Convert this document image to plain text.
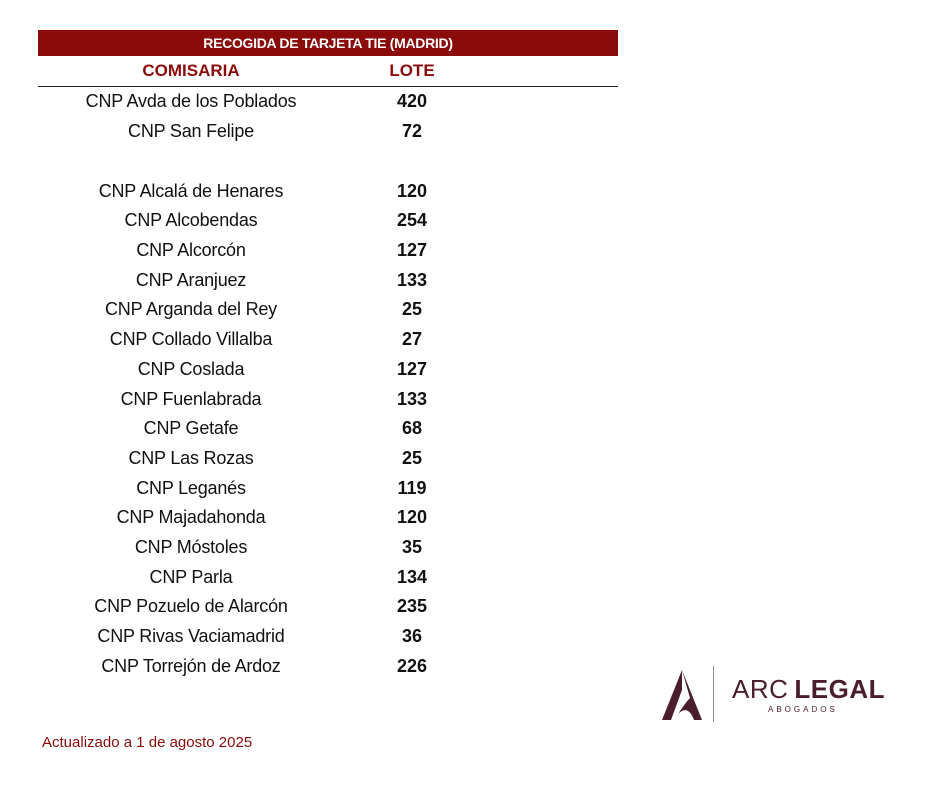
RECOGIDA DE TARJETA TIE (MADRID)
COMISARIA	LOTE
CNP Avda de los Poblados	420
CNP San Felipe	72
CNP Alcalá de Henares	120
CNP Alcobendas	254
CNP Alcorcón	127
CNP Aranjuez	133
CNP Arganda del Rey	25
CNP Collado Villalba	27
CNP Coslada	127
CNP Fuenlabrada	133
CNP Getafe	68
CNP Las Rozas	25
CNP Leganés	119
CNP Majadahonda	120
CNP Móstoles	35
CNP Parla	134
CNP Pozuelo de Alarcón	235
CNP Rivas Vaciamadrid	36
CNP Torrejón de Ardoz	226
Actualizado a 1 de agosto 2025
ARC LEGAL
ABOGADOS
